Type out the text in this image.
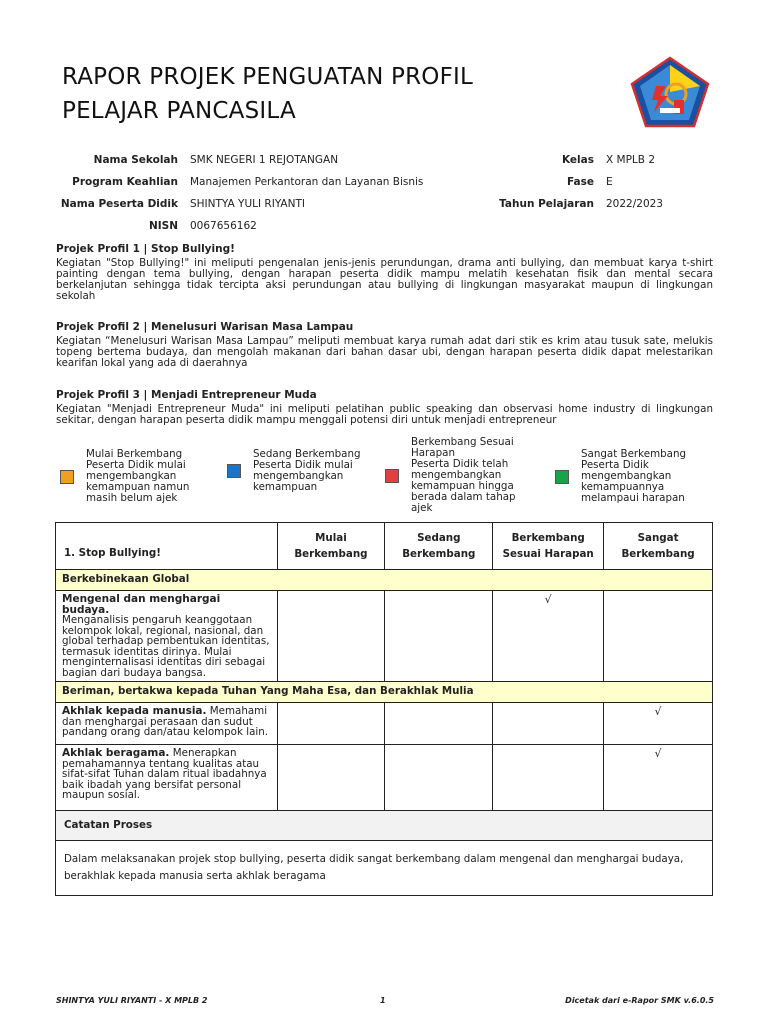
RAPOR PROJEK PENGUATAN PROFIL
PELAJAR PANCASILA
Nama Sekolah SMK NEGERI 1 REJOTANGAN
Program Keahlian Manajemen Perkantoran dan Layanan Bisnis
Nama Peserta Didik SHINTYA YULI RIYANTI
NISN 0067656162
Kelas X MPLB 2
Fase E
Tahun Pelajaran 2022/2023
Projek Profil 1 | Stop Bullying!

Kegiatan "Stop Bullying!" ini meliputi pengenalan jenis-jenis perundungan, drama anti bullying, dan membuat karya t-shirt painting dengan tema bullying, dengan harapan peserta didik mampu melatih kesehatan fisik dan mental secara berkelanjutan sehingga tidak tercipta aksi perundungan atau bullying di lingkungan masyarakat maupun di lingkungan sekolah

Projek Profil 2 | Menelusuri Warisan Masa Lampau

Kegiatan “Menelusuri Warisan Masa Lampau” meliputi membuat karya rumah adat dari stik es krim atau tusuk sate, melukis topeng bertema budaya, dan mengolah makanan dari bahan dasar ubi, dengan harapan peserta didik dapat melestarikan kearifan lokal yang ada di daerahnya

Projek Profil 3 | Menjadi Entrepreneur Muda

Kegiatan "Menjadi Entrepreneur Muda" ini meliputi pelatihan public speaking dan observasi home industry di lingkungan sekitar, dengan harapan peserta didik mampu menggali potensi diri untuk menjadi entrepreneur

Mulai Berkembang
Peserta Didik mulai mengembangkan kemampuan namun masih belum ajek
Sedang Berkembang
Peserta Didik mulai mengembangkan kemampuan
Berkembang Sesuai Harapan
Peserta Didik telah mengembangkan kemampuan hingga berada dalam tahap ajek
Sangat Berkembang
Peserta Didik mengembangkan kemampuannya melampaui harapan
1. Stop Bullying!	Mulai Berkembang	Sedang Berkembang	Berkembang Sesuai Harapan	Sangat Berkembang
Berkebinekaan Global				
Mengenal dan menghargai budaya.
Menganalisis pengaruh keanggotaan kelompok lokal, regional, nasional, dan global terhadap pembentukan identitas, termasuk identitas dirinya. Mulai menginternalisasi identitas diri sebagai bagian dari budaya bangsa.			√	
Beriman, bertakwa kepada Tuhan Yang Maha Esa, dan Berakhlak Mulia				
Akhlak kepada manusia. Memahami dan menghargai perasaan dan sudut pandang orang dan/atau kelompok lain.				√
Akhlak beragama. Menerapkan pemahamannya tentang kualitas atau sifat-sifat Tuhan dalam ritual ibadahnya baik ibadah yang bersifat personal maupun sosial.				√
Catatan Proses				
Dalam melaksanakan projek stop bullying, peserta didik sangat berkembang dalam mengenal dan menghargai budaya, berakhlak kepada manusia serta akhlak beragama				
SHINTYA YULI RIYANTI - X MPLB 2	1	Dicetak dari e-Rapor SMK v.6.0.5
